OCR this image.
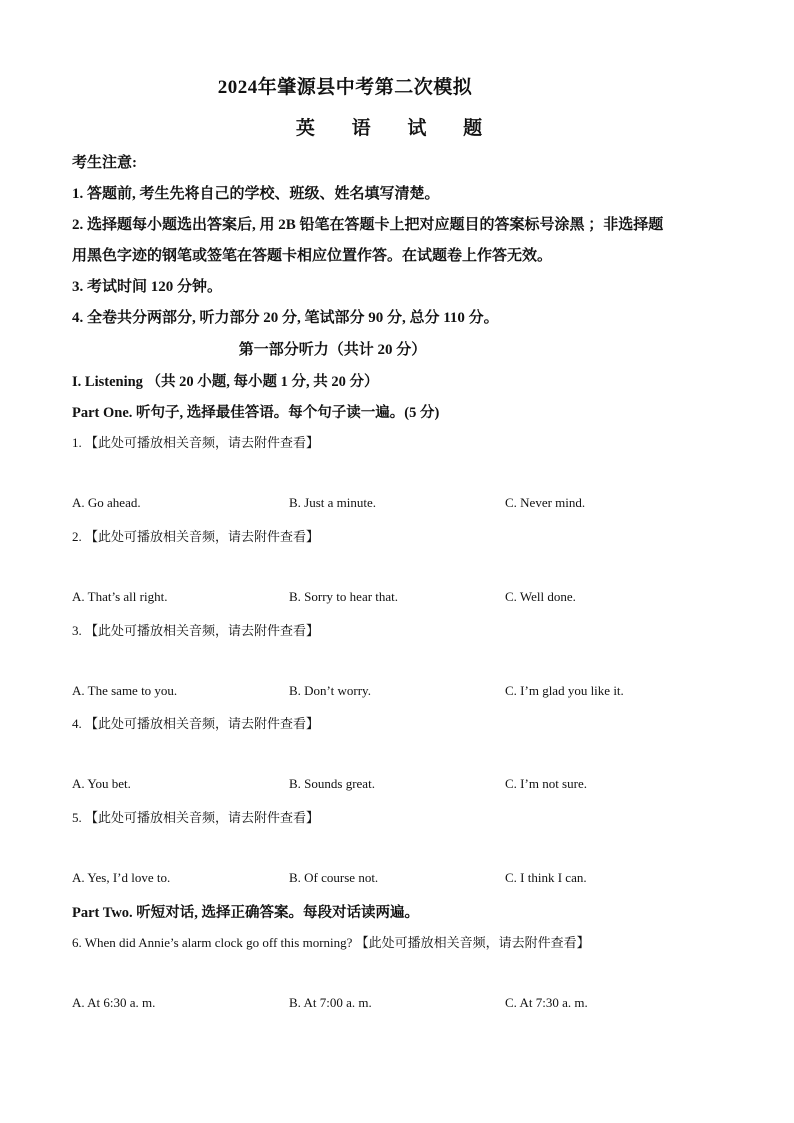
2024年肇源县中考第二次模拟
英 语 试 题
考生注意:
1. 答题前, 考生先将自己的学校、班级、姓名填写清楚。
2. 选择题每小题选出答案后, 用 2B 铅笔在答题卡上把对应题目的答案标号涂黑 ；非选择题
用黑色字迹的钢笔或签笔在答题卡相应位置作答。在试题卷上作答无效。
3. 考试时间 120 分钟。
4. 全卷共分两部分, 听力部分 20 分, 笔试部分 90 分, 总分 110 分。
第一部分听力（共计 20 分）
I. Listening （共 20 小题, 每小题 1 分, 共 20 分）
Part One. 听句子, 选择最佳答语。每个句子读一遍。(5 分)
1. 【此处可播放相关音频，请去附件查看】
A. Go ahead.	B. Just a minute.	C. Never mind.
2. 【此处可播放相关音频，请去附件查看】
A. That’s all right.	B. Sorry to hear that.	C. Well done.
3. 【此处可播放相关音频，请去附件查看】
A. The same to you.	B. Don’t worry.	C. I’m glad you like it.
4. 【此处可播放相关音频，请去附件查看】
A. You bet.	B. Sounds great.	C. I’m not sure.
5. 【此处可播放相关音频，请去附件查看】
A. Yes, I’d love to.	B. Of course not.	C. I think I can.
Part Two. 听短对话, 选择正确答案。每段对话读两遍。
6. When did Annie’s alarm clock go off this morning? 【此处可播放相关音频，请去附件查看】
A. At 6:30 a. m.	B. At 7:00 a. m.	C. At 7:30 a. m.
